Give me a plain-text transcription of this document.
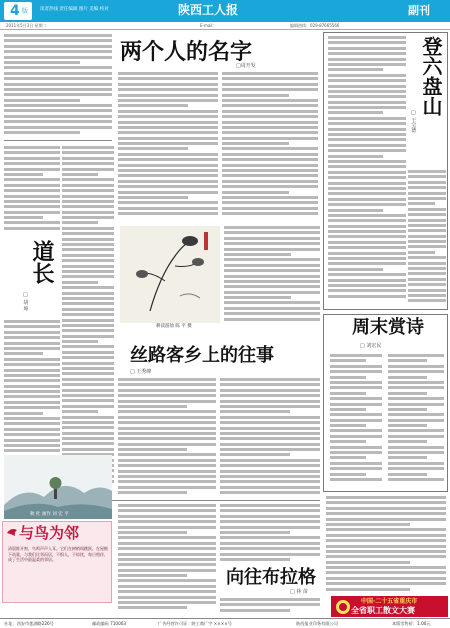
4 版	读者热线 责任编辑 图片 美编 校对	陕西工人报	副刊
2011年5月3日 星期二	E-mail：	编辑热线：029-87665566
两个人的名字
□周开发	登六盘山
□ 王宝德
道长
□ 胡 坤
耕读游仙 陈 平 摄
丝路客乡上的往事
□ 王秀峰
周末赏诗
□ 刘宏民
与鸟为邻
清晨推开窗，鸟鸣声声入耳。它们在树梢间跳跃，在屋檐下筑巢，与我们比邻而居，不惧人，不惊扰，每日相伴，成了生活中最温柔的邻居。
秋 杜 画作 刘 宏 平
向往布拉格
□ 林 苗
中国·二十五省重庆市
全省职工散文大赛
社址：西安市莲湖路226号	邮政编码 710003	广告经营许可证：陕工商广字 ××××号	陕西报业印务有限公司	本版零售价：1.00元
